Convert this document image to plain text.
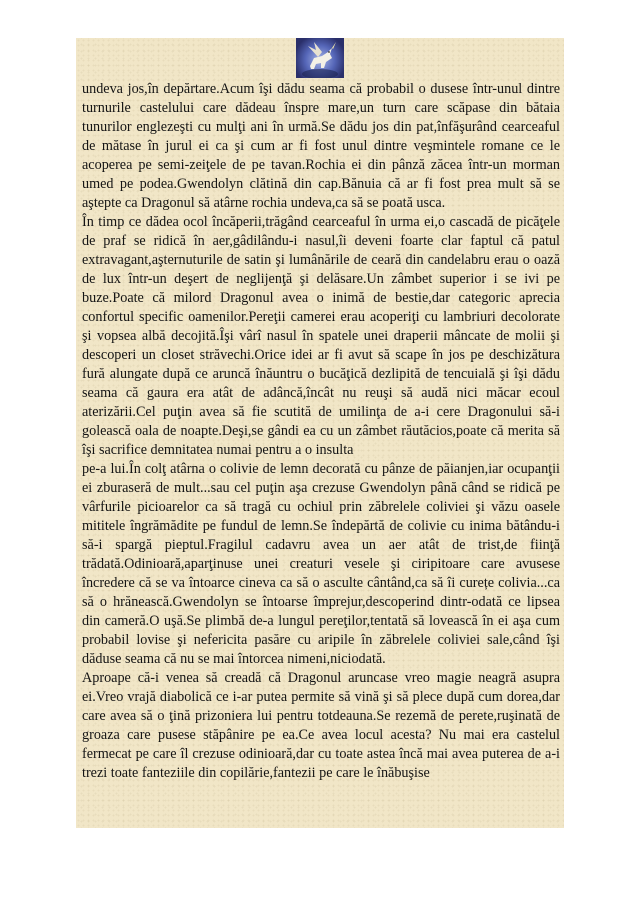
undeva jos,în depărtare.Acum îşi dădu seama că probabil o dusese într-unul dintre turnurile castelului care dădeau înspre mare,un turn care scăpase din bătaia tunurilor englezeşti cu mulţi ani în urmă.Se dădu jos din pat,înfăşurând cearceaful de mătase în jurul ei ca şi cum ar fi fost unul dintre veşmintele romane ce le acoperea pe semi-zeiţele de pe tavan.Rochia ei din pânză zăcea într-un morman umed pe podea.Gwendolyn clătină din cap.Bănuia că ar fi fost prea mult să se aştepte ca Dragonul să atârne rochia undeva,ca să se poată usca.

În timp ce dădea ocol încăperii,trăgând cearceaful în urma ei,o cascadă de picăţele de praf se ridică în aer,gâdilându-i nasul,îi deveni foarte clar faptul că patul extravagant,aşternuturile de satin şi lumânările de ceară din candelabru erau o oază de lux într-un deşert de neglijenţă şi delăsare.Un zâmbet superior i se ivi pe buze.Poate că milord Dragonul avea o inimă de bestie,dar categoric aprecia confortul specific oamenilor.Pereţii camerei erau acoperiţi cu lambriuri decolorate şi vopsea albă decojită.Îşi vârî nasul în spatele unei draperii mâncate de molii şi descoperi un closet străvechi.Orice idei ar fi avut să scape în jos pe deschizătura fură alungate după ce aruncă înăuntru o bucăţică dezlipită de tencuială şi îşi dădu seama că gaura era atât de adâncă,încât nu reuşi să audă nici măcar ecoul aterizării.Cel puţin avea să fie scutită de umilinţa de a-i cere Dragonului să-i golească oala de noapte.Deşi,se gândi ea cu un zâmbet răutăcios,poate că merita să îşi sacrifice demnitatea numai pentru a o insulta

pe-a lui.În colţ atârna o colivie de lemn decorată cu pânze de păianjen,iar ocupanţii ei zburaseră de mult...sau cel puţin aşa crezuse Gwendolyn până când se ridică pe vârfurile picioarelor ca să tragă cu ochiul prin zăbrelele coliviei şi văzu oasele mititele îngrămădite pe fundul de lemn.Se îndepărtă de colivie cu inima bătându-i să-i spargă pieptul.Fragilul cadavru avea un aer atât de trist,de fiinţă trădată.Odinioară,aparţinuse unei creaturi vesele şi ciripitoare care avusese încredere că se va întoarce cineva ca să o asculte cântând,ca să îi curețe colivia...ca să o hrănească.Gwendolyn se întoarse împrejur,descoperind dintr-odată ce lipsea din cameră.O uşă.Se plimbă de-a lungul pereţilor,tentată să lovească în ei aşa cum probabil lovise şi nefericita pasăre cu aripile în zăbrelele coliviei sale,când îşi dăduse seama că nu se mai întorcea nimeni,niciodată.

Aproape că-i venea să creadă că Dragonul aruncase vreo magie neagră asupra ei.Vreo vrajă diabolică ce i-ar putea permite să vină şi să plece după cum dorea,dar care avea să o ţină prizoniera lui pentru totdeauna.Se rezemă de perete,ruşinată de groaza care pusese stăpânire pe ea.Ce avea locul acesta? Nu mai era castelul fermecat pe care îl crezuse odinioară,dar cu toate astea încă mai avea puterea de a-i trezi toate fanteziile din copilărie,fantezii pe care le înăbuşise
